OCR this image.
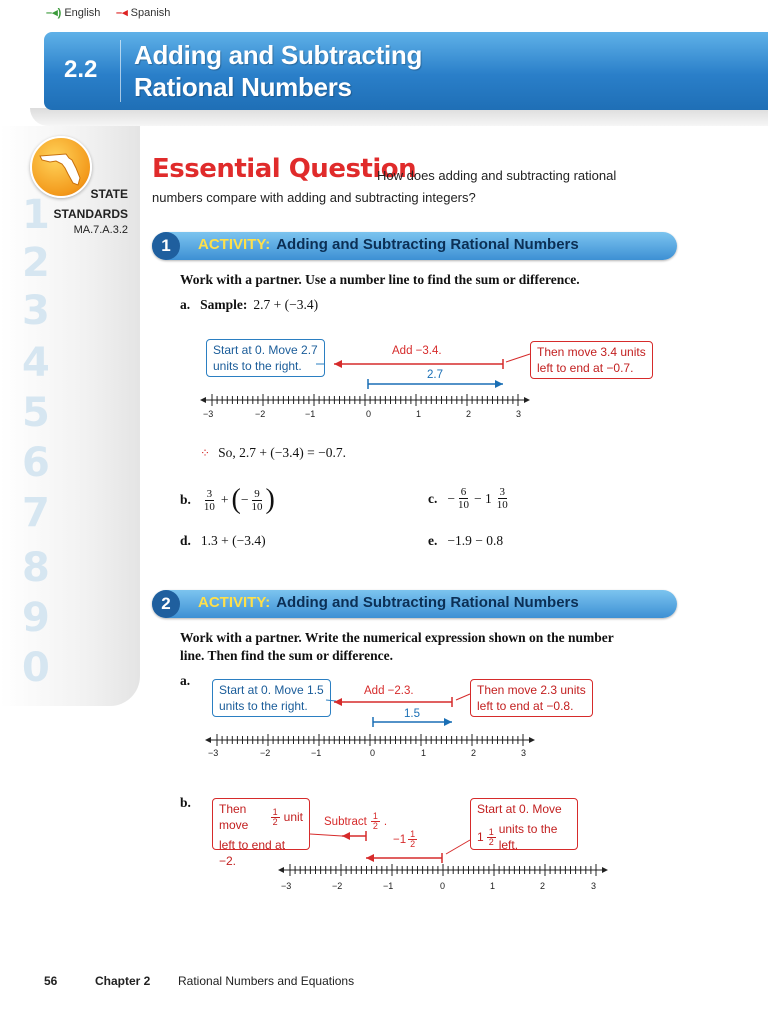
–◂) English –◂ Spanish
2.2 Adding and Subtracting
Rational Numbers
1
2
3
4
5
6
7
8
9
0
STATE
STANDARDS
MA.7.A.3.2
Essential Question
How does adding and subtracting rational
numbers compare with adding and subtracting integers?
1	ACTIVITY: Adding and Subtracting Rational Numbers
Work with a partner. Use a number line to find the sum or difference.
a. Sample: 2.7 + (−3.4)
Start at 0. Move 2.7
units to the right.
Then move 3.4 units
left to end at −0.7.
Add −3.4.
2.7
−3	−2	−1	0	1	2	3
⁘ So, 2.7 + (−3.4) = −0.7.
b. $\frac{3}{10}$ + ( − $\frac{9}{10}$ )	c. − $\frac{6}{10} - 1 \frac{3}{10}$
d. 1.3 + (−3.4)	e. −1.9 − 0.8
2	ACTIVITY: Adding and Subtracting Rational Numbers
Work with a partner. Write the numerical expression shown on the number
line. Then find the sum or difference.
a.
Start at 0. Move 1.5
units to the right.
Then move 2.3 units
left to end at −0.8.
Add −2.3.
1.5
−3	−2	−1	0	1	2	3
b.	Then move	$\frac{1}{2}$ unit
left to end at −2.
Subtract $\frac{1}{2}$ .
$-1 \frac{1}{2}$
Start at 0. Move
$1 \frac{1}{2}$ units to the left.
−3	−2	−1	0	1	2	3
56	Chapter 2 Rational Numbers and Equations
